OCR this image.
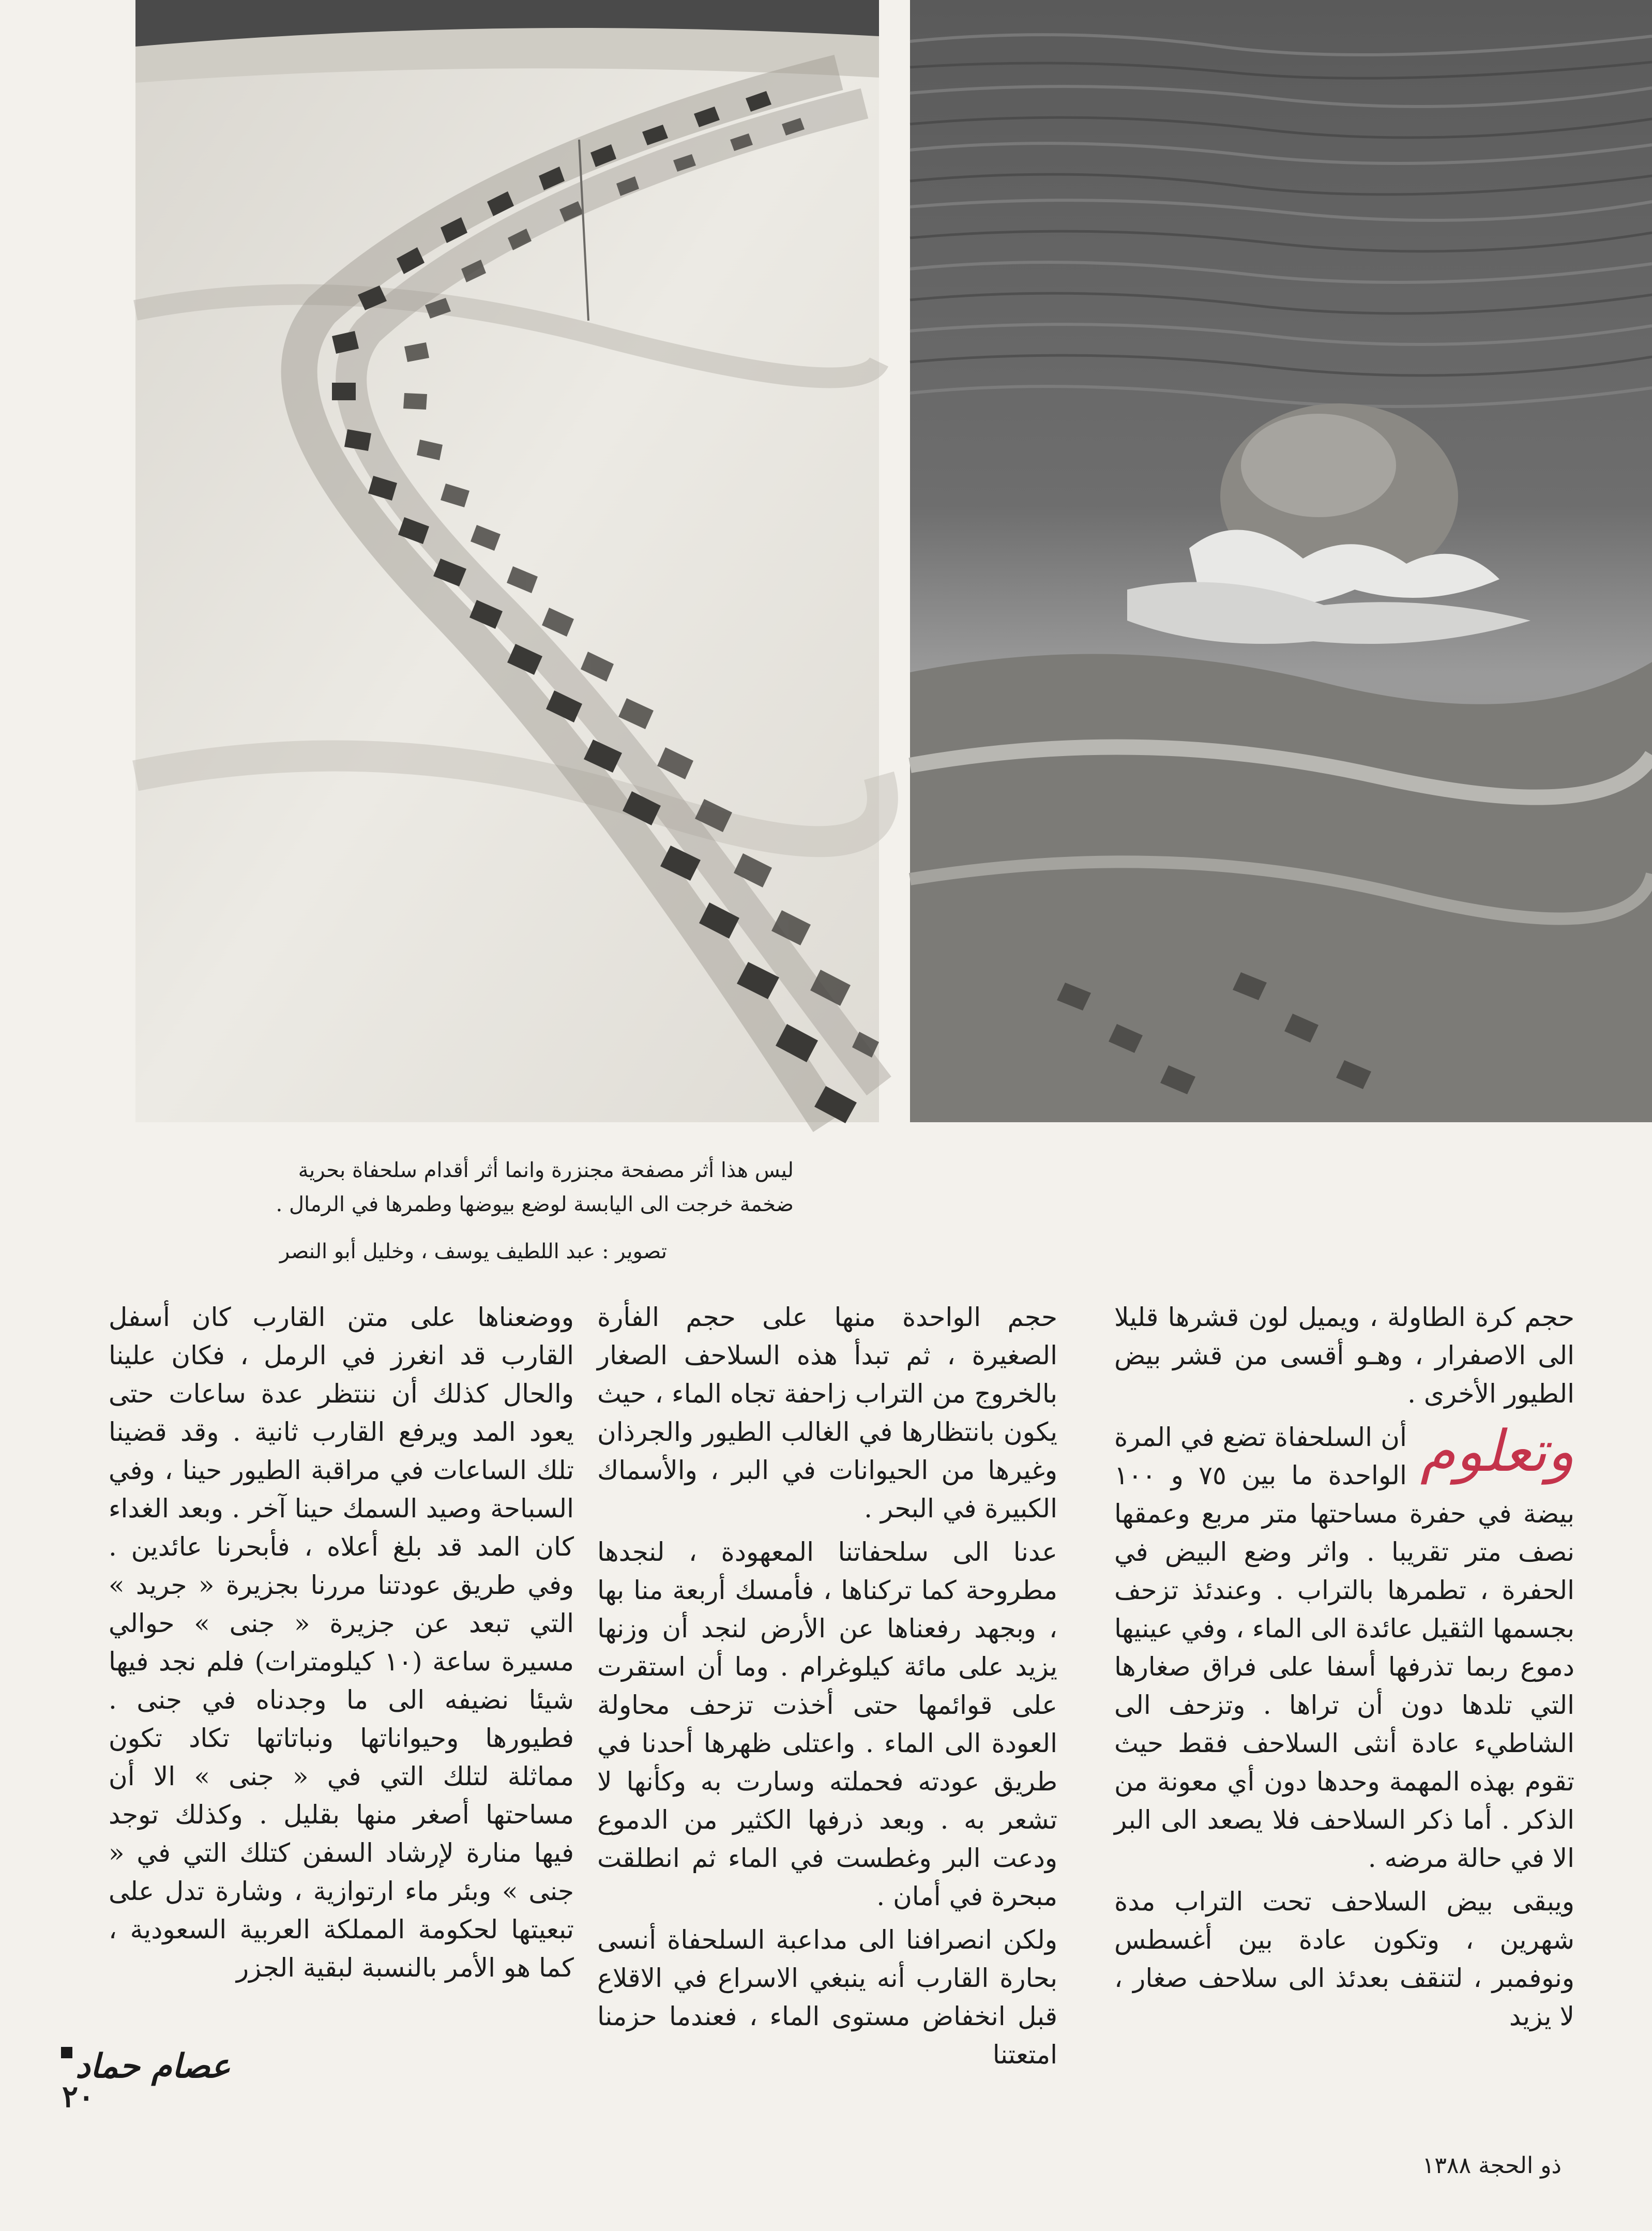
ليس هذا أثر مصفحة مجنزرة وانما أثر أقدام سلحفاة بحرية
ضخمة خرجت الى اليابسة لوضع بيوضها وطمرها في الرمال .
تصوير : عبد اللطيف يوسف ، وخليل أبو النصر

حجم كرة الطاولة ، ويميل لون قشرها قليلا الى الاصفرار ، وهـو أقسى من قشر بيض الطيور الأخرى .

وتعلوم
أن السلحفاة تضع في المرة الواحدة ما بين ٧٥ و ١٠٠ بيضة في حفرة مساحتها متر مربع وعمقها نصف متر تقريبا . واثر وضع البيض في الحفرة ، تطمرها بالتراب . وعندئذ تزحف بجسمها الثقيل عائدة الى الماء ، وفي عينيها دموع ربما تذرفها أسفا على فراق صغارها التي تلدها دون أن تراها . وتزحف الى الشاطيء عادة أنثى السلاحف فقط حيث تقوم بهذه المهمة وحدها دون أي معونة من الذكر . أما ذكر السلاحف فلا يصعد الى البر الا في حالة مرضه .

ويبقى بيض السلاحف تحت التراب مدة شهرين ، وتكون عادة بين أغسطس ونوفمبر ، لتنقف بعدئذ الى سلاحف صغار ، لا يزيد

حجم الواحدة منها على حجم الفأرة الصغيرة ، ثم تبدأ هذه السلاحف الصغار بالخروج من التراب زاحفة تجاه الماء ، حيث يكون بانتظارها في الغالب الطيور والجرذان وغيرها من الحيوانات في البر ، والأسماك الكبيرة في البحر .

عدنا الى سلحفاتنا المعهودة ، لنجدها مطروحة كما تركناها ، فأمسك أربعة منا بها ، وبجهد رفعناها عن الأرض لنجد أن وزنها يزيد على مائة كيلوغرام . وما أن استقرت على قوائمها حتى أخذت تزحف محاولة العودة الى الماء . واعتلى ظهرها أحدنا في طريق عودته فحملته وسارت به وكأنها لا تشعر به . وبعد ذرفها الكثير من الدموع ودعت البر وغطست في الماء ثم انطلقت مبحرة في أمان .

ولكن انصرافنا الى مداعبة السلحفاة أنسى بحارة القارب أنه ينبغي الاسراع في الاقلاع قبل انخفاض مستوى الماء ، فعندما حزمنا امتعتنا

ووضعناها على متن القارب كان أسفل القارب قد انغرز في الرمل ، فكان علينا والحال كذلك أن ننتظر عدة ساعات حتى يعود المد ويرفع القارب ثانية . وقد قضينا تلك الساعات في مراقبة الطيور حينا ، وفي السباحة وصيد السمك حينا آخر . وبعد الغداء كان المد قد بلغ أعلاه ، فأبحرنا عائدين . وفي طريق عودتنا مررنا بجزيرة « جريد » التي تبعد عن جزيرة « جنى » حوالي مسيرة ساعة (١٠ كيلومترات) فلم نجد فيها شيئا نضيفه الى ما وجدناه في جنى . فطيورها وحيواناتها ونباتاتها تكاد تكون مماثلة لتلك التي في « جنى » الا أن مساحتها أصغر منها بقليل . وكذلك توجد فيها منارة لإرشاد السفن كتلك التي في « جنى » وبئر ماء ارتوازية ، وشارة تدل على تبعيتها لحكومة المملكة العربية السعودية ، كما هو الأمر بالنسبة لبقية الجزر

عصام حماد
٢٠
ذو الحجة ١٣٨٨
